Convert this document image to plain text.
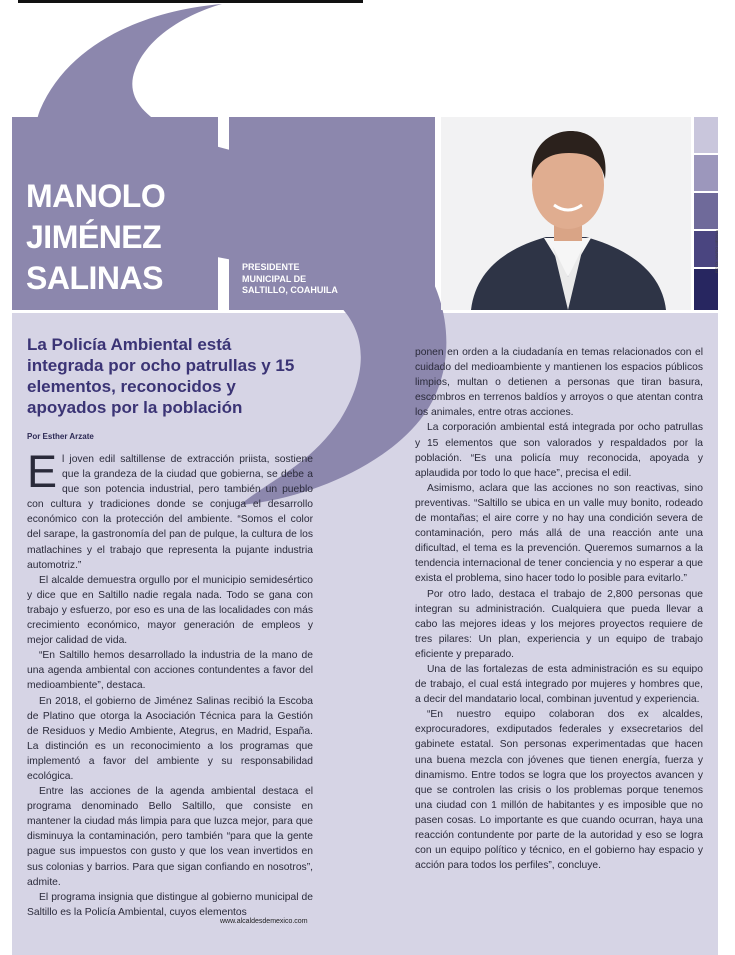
FOTO: MARIO MEDINA
MANOLO
JIMÉNEZ
SALINAS	PRESIDENTE
MUNICIPAL DE
SALTILLO, COAHUILA
La Policía Ambiental está integrada por ocho patrullas y 15 elementos, reconocidos y apoyados por la población
Por Esther Arzate

El joven edil saltillense de extracción priista, sostiene que la grandeza de la ciudad que gobierna, se debe a que son potencia industrial, pero también un pueblo con cultura y tradiciones donde se conjuga el desarrollo económico con la protección del ambiente. “Somos el color del sarape, la gastronomía del pan de pulque, la cultura de los matlachines y el trabajo que representa la pujante industria automotriz.”

El alcalde demuestra orgullo por el municipio semidesértico y dice que en Saltillo nadie regala nada. Todo se gana con trabajo y esfuerzo, por eso es una de las localidades con más crecimiento económico, mayor generación de empleos y mejor calidad de vida.

“En Saltillo hemos desarrollado la industria de la mano de una agenda ambiental con acciones contundentes a favor del medioambiente”, destaca.

En 2018, el gobierno de Jiménez Salinas recibió la Escoba de Platino que otorga la Asociación Técnica para la Gestión de Residuos y Medio Ambiente, Ategrus, en Madrid, España. La distinción es un reconocimiento a los programas que implementó a favor del ambiente y su responsabilidad ecológica.

Entre las acciones de la agenda ambiental destaca el programa denominado Bello Saltillo, que consiste en mantener la ciudad más limpia para que luzca mejor, para que disminuya la contaminación, pero también “para que la gente pague sus impuestos con gusto y que los vean invertidos en sus colonias y barrios. Para que sigan confiando en nosotros”, admite.

El programa insignia que distingue al gobierno municipal de Saltillo es la Policía Ambiental, cuyos elementos

ponen en orden a la ciudadanía en temas relacionados con el cuidado del medioambiente y mantienen los espacios públicos limpios, multan o detienen a personas que tiran basura, escombros en terrenos baldíos y arroyos o que atentan contra los animales, entre otras acciones.

La corporación ambiental está integrada por ocho patrullas y 15 elementos que son valorados y respaldados por la población. “Es una policía muy reconocida, apoyada y aplaudida por todo lo que hace”, precisa el edil.

Asimismo, aclara que las acciones no son reactivas, sino preventivas. “Saltillo se ubica en un valle muy bonito, rodeado de montañas; el aire corre y no hay una condición severa de contaminación, pero más allá de una reacción ante una dificultad, el tema es la prevención. Queremos sumarnos a la tendencia internacional de tener conciencia y no esperar a que exista el problema, sino hacer todo lo posible para evitarlo.”

Por otro lado, destaca el trabajo de 2,800 personas que integran su administración. Cualquiera que pueda llevar a cabo las mejores ideas y los mejores proyectos requiere de tres pilares: Un plan, experiencia y un equipo de trabajo eficiente y preparado.

Una de las fortalezas de esta administración es su equipo de trabajo, el cual está integrado por mujeres y hombres que, a decir del mandatario local, combinan juventud y experiencia.

“En nuestro equipo colaboran dos ex alcaldes, exprocuradores, exdiputados federales y exsecretarios del gabinete estatal. Son personas experimentadas que hacen una buena mezcla con jóvenes que tienen energía, fuerza y dinamismo. Entre todos se logra que los proyectos avancen y que se controlen las crisis o los problemas porque tenemos una ciudad con 1 millón de habitantes y es imposible que no pasen cosas. Lo importante es que cuando ocurran, haya una reacción contundente por parte de la autoridad y eso se logra con un equipo político y técnico, en el gobierno hay espacio y acción para todos los perfiles”, concluye.

www.alcaldesdemexico.com
